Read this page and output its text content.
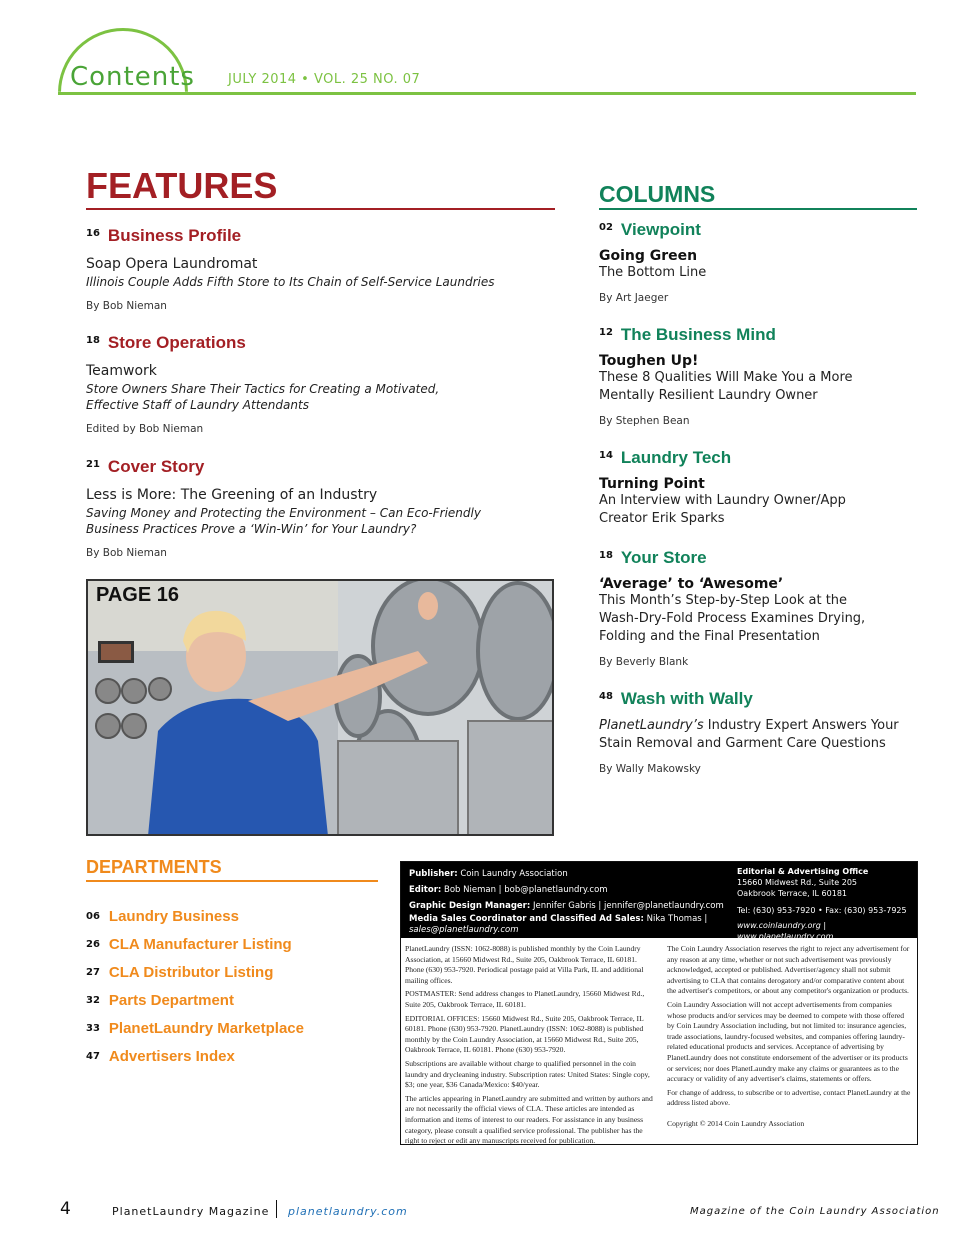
Contents	JULY 2014 • VOL. 25 NO. 07
FEATURES
$^{16}$ Business Profile
Soap Opera Laundromat
Illinois Couple Adds Fifth Store to Its Chain of Self-Service Laundries
By Bob Nieman
$^{18}$ Store Operations
Teamwork
Store Owners Share Their Tactics for Creating a Motivated,
Effective Staff of Laundry Attendants
Edited by Bob Nieman
$^{21}$ Cover Story
Less is More: The Greening of an Industry
Saving Money and Protecting the Environment – Can Eco-Friendly
Business Practices Prove a ‘Win-Win’ for Your Laundry?
By Bob Nieman
PAGE 16
COLUMNS
$^{02}$ Viewpoint
Going Green
The Bottom Line
By Art Jaeger
$^{12}$ The Business Mind
Toughen Up!
These 8 Qualities Will Make You a More
Mentally Resilient Laundry Owner
By Stephen Bean
$^{14}$ Laundry Tech
Turning Point
An Interview with Laundry Owner/App
Creator Erik Sparks
$^{18}$ Your Store
‘Average’ to ‘Awesome’
This Month’s Step-by-Step Look at the
Wash-Dry-Fold Process Examines Drying,
Folding and the Final Presentation
By Beverly Blank
$^{48}$ Wash with Wally
PlanetLaundry’s Industry Expert Answers Your
Stain Removal and Garment Care Questions
By Wally Makowsky
DEPARTMENTS
06 Laundry Business
26 CLA Manufacturer Listing
27 CLA Distributor Listing
32 Parts Department
33 PlanetLaundry Marketplace
47 Advertisers Index
Publisher: Coin Laundry Association
Editor: Bob Nieman | bob@planetlaundry.com
Graphic Design Manager: Jennifer Gabris | jennifer@planetlaundry.com
Media Sales Coordinator and Classified Ad Sales: Nika Thomas |
sales@planetlaundry.com
Editorial & Advertising Office
15660 Midwest Rd., Suite 205
Oakbrook Terrace, IL 60181
Tel: (630) 953-7920 • Fax: (630) 953-7925
www.coinlaundry.org | www.planetlaundry.com

PlanetLaundry (ISSN: 1062-8088) is published monthly by the Coin Laundry Association, at 15660 Midwest Rd., Suite 205, Oakbrook Terrace, IL 60181. Phone (630) 953-7920. Periodical postage paid at Villa Park, IL and additional mailing offices.

POSTMASTER: Send address changes to PlanetLaundry, 15660 Midwest Rd., Suite 205, Oakbrook Terrace, IL 60181.

EDITORIAL OFFICES: 15660 Midwest Rd., Suite 205, Oakbrook Terrace, IL 60181. Phone (630) 953-7920. PlanetLaundry (ISSN: 1062-8088) is published monthly by the Coin Laundry Association, at 15660 Midwest Rd., Suite 205, Oakbrook Terrace, IL 60181. Phone (630) 953-7920.

Subscriptions are available without charge to qualified personnel in the coin laundry and drycleaning industry. Subscription rates: United States: Single copy, $3; one year, $36 Canada/Mexico: $40/year.

The articles appearing in PlanetLaundry are submitted and written by authors and are not necessarily the official views of CLA. These articles are intended as information and items of interest to our readers. For assistance in any business category, please consult a qualified service professional. The publisher has the right to reject or edit any manuscripts received for publication.

The Coin Laundry Association reserves the right to reject any advertisement for any reason at any time, whether or not such advertisement was previously acknowledged, accepted or published. Advertiser/agency shall not submit advertising to CLA that contains derogatory and/or comparative content about the advertiser's competitors, or about any competitor's organization or products.

Coin Laundry Association will not accept advertisements from companies whose products and/or services may be deemed to compete with those offered by Coin Laundry Association including, but not limited to: insurance agencies, trade associations, laundry-focused websites, and companies offering laundry-related educational products and services. Acceptance of advertising by PlanetLaundry does not constitute endorsement of the advertiser or its products or services; nor does PlanetLaundry make any claims or guarantees as to the accuracy or validity of any advertiser's claims, statements or offers.

For change of address, to subscribe or to advertise, contact PlanetLaundry at the address listed above.

Copyright © 2014 Coin Laundry Association

4	PlanetLaundry Magazine planetlaundry.com	Magazine of the Coin Laundry Association
